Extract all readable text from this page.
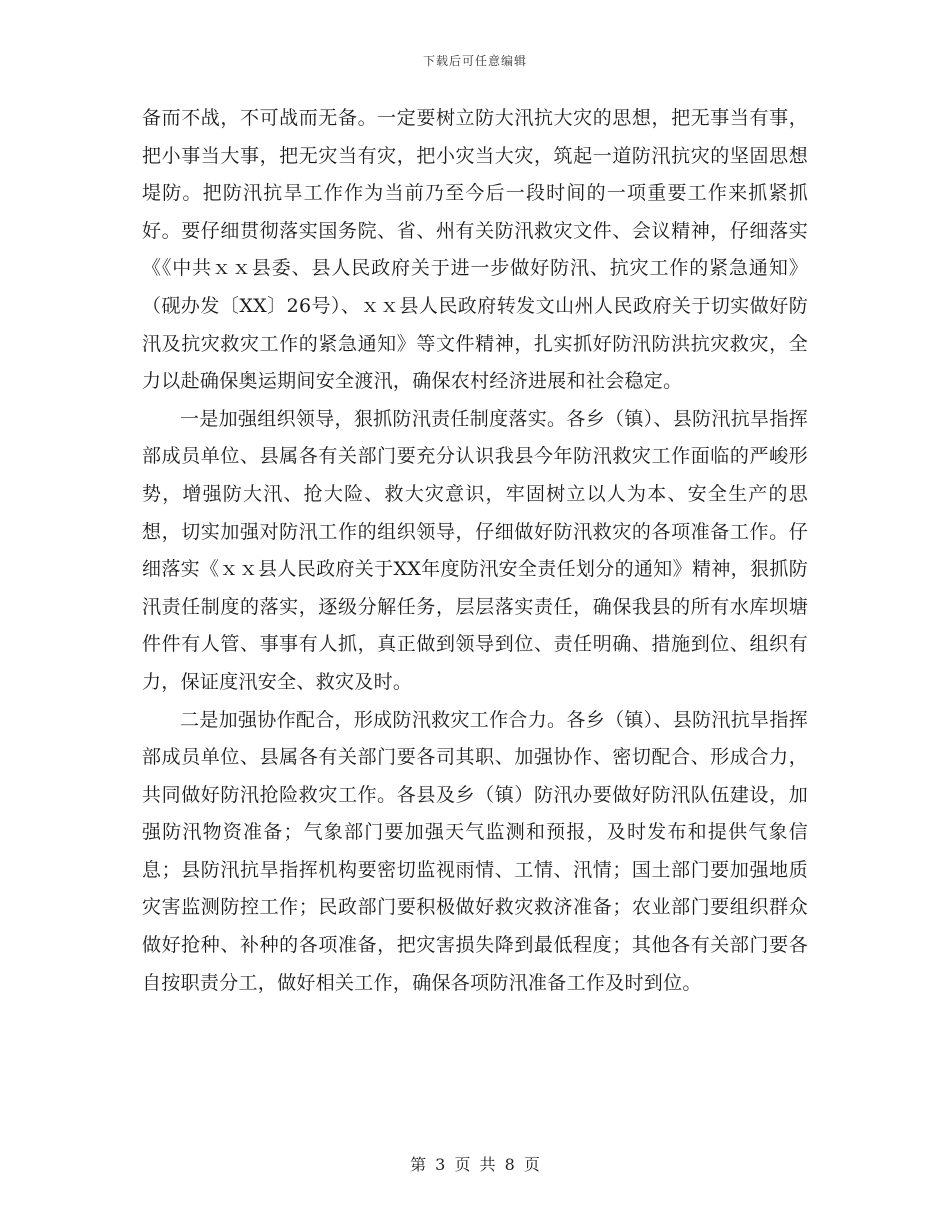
下载后可任意编辑

备而不战，不可战而无备。一定要树立防大汛抗大灾的思想，把无事当有事，把小事当大事，把无灾当有灾，把小灾当大灾，筑起一道防汛抗灾的坚固思想堤防。把防汛抗旱工作作为当前乃至今后一段时间的一项重要工作来抓紧抓好。要仔细贯彻落实国务院、省、州有关防汛救灾文件、会议精神，仔细落实《《中共ｘｘ县委、县人民政府关于进一步做好防汛、抗灾工作的紧急通知》（砚办发〔XX〕26号）、ｘｘ县人民政府转发文山州人民政府关于切实做好防汛及抗灾救灾工作的紧急通知》等文件精神，扎实抓好防汛防洪抗灾救灾，全力以赴确保奥运期间安全渡汛，确保农村经济进展和社会稳定。

一是加强组织领导，狠抓防汛责任制度落实。各乡（镇）、县防汛抗旱指挥部成员单位、县属各有关部门要充分认识我县今年防汛救灾工作面临的严峻形势，增强防大汛、抢大险、救大灾意识，牢固树立以人为本、安全生产的思想，切实加强对防汛工作的组织领导，仔细做好防汛救灾的各项准备工作。仔细落实《ｘｘ县人民政府关于XX年度防汛安全责任划分的通知》精神，狠抓防汛责任制度的落实，逐级分解任务，层层落实责任，确保我县的所有水库坝塘件件有人管、事事有人抓，真正做到领导到位、责任明确、措施到位、组织有力，保证度汛安全、救灾及时。

二是加强协作配合，形成防汛救灾工作合力。各乡（镇）、县防汛抗旱指挥部成员单位、县属各有关部门要各司其职、加强协作、密切配合、形成合力，共同做好防汛抢险救灾工作。各县及乡（镇）防汛办要做好防汛队伍建设，加强防汛物资准备；气象部门要加强天气监测和预报，及时发布和提供气象信息；县防汛抗旱指挥机构要密切监视雨情、工情、汛情；国土部门要加强地质灾害监测防控工作；民政部门要积极做好救灾救济准备；农业部门要组织群众做好抢种、补种的各项准备，把灾害损失降到最低程度；其他各有关部门要各自按职责分工，做好相关工作，确保各项防汛准备工作及时到位。

第 3 页 共 8 页
